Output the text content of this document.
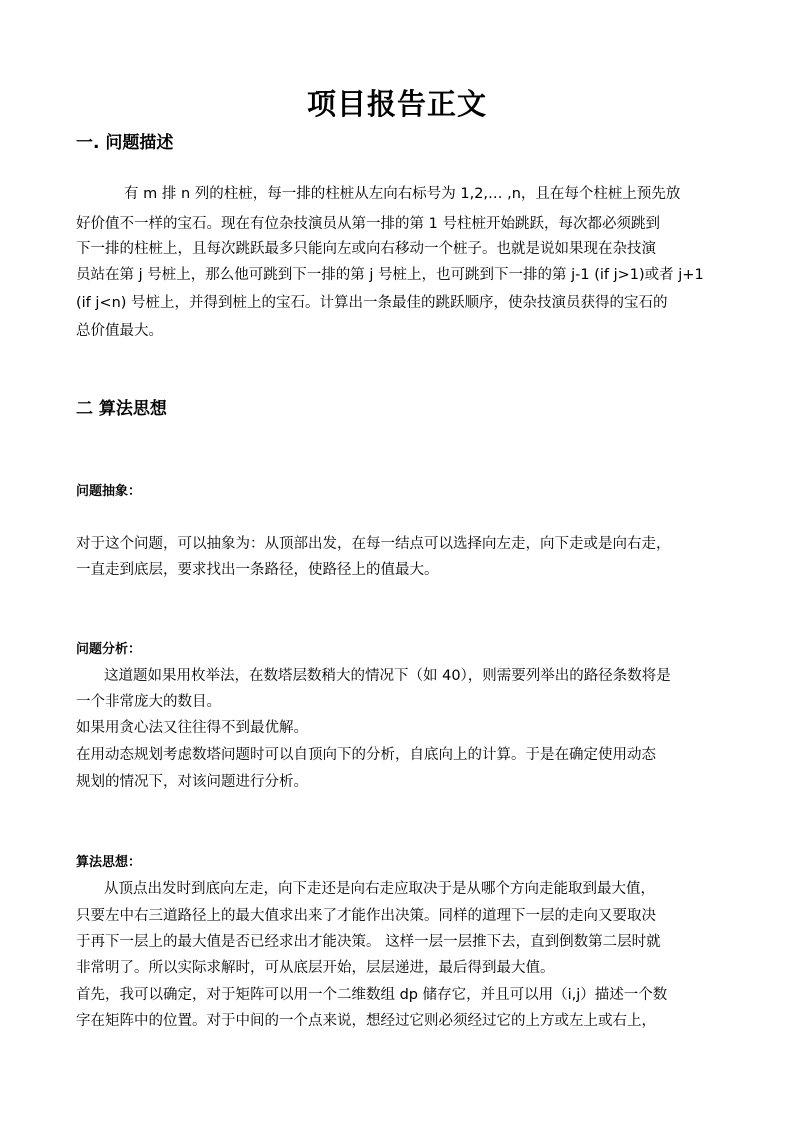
项目报告正文
一. 问题描述
有 m 排 n 列的柱桩，每一排的柱桩从左向右标号为 1,2,… ,n，且在每个柱桩上预先放
好价值不一样的宝石。现在有位杂技演员从第一排的第 1 号柱桩开始跳跃，每次都必须跳到
下一排的柱桩上，且每次跳跃最多只能向左或向右移动一个桩子。也就是说如果现在杂技演
员站在第 j 号桩上，那么他可跳到下一排的第 j 号桩上，也可跳到下一排的第 j-1 (if j>1)或者 j+1
(if j<n) 号桩上，并得到桩上的宝石。计算出一条最佳的跳跃顺序，使杂技演员获得的宝石的
总价值最大。
二 算法思想
问题抽象：
对于这个问题，可以抽象为：从顶部出发，在每一结点可以选择向左走，向下走或是向右走，
一直走到底层，要求找出一条路径，使路径上的值最大。
问题分析：
这道题如果用枚举法，在数塔层数稍大的情况下（如 40），则需要列举出的路径条数将是
一个非常庞大的数目。
如果用贪心法又往往得不到最优解。
在用动态规划考虑数塔问题时可以自顶向下的分析，自底向上的计算。于是在确定使用动态
规划的情况下，对该问题进行分析。
算法思想：
从顶点出发时到底向左走，向下走还是向右走应取决于是从哪个方向走能取到最大值，
只要左中右三道路径上的最大值求出来了才能作出决策。同样的道理下一层的走向又要取决
于再下一层上的最大值是否已经求出才能决策。 这样一层一层推下去，直到倒数第二层时就
非常明了。所以实际求解时，可从底层开始，层层递进，最后得到最大值。
首先，我可以确定，对于矩阵可以用一个二维数组 dp 储存它，并且可以用（i,j）描述一个数
字在矩阵中的位置。对于中间的一个点来说，想经过它则必须经过它的上方或左上或右上，
